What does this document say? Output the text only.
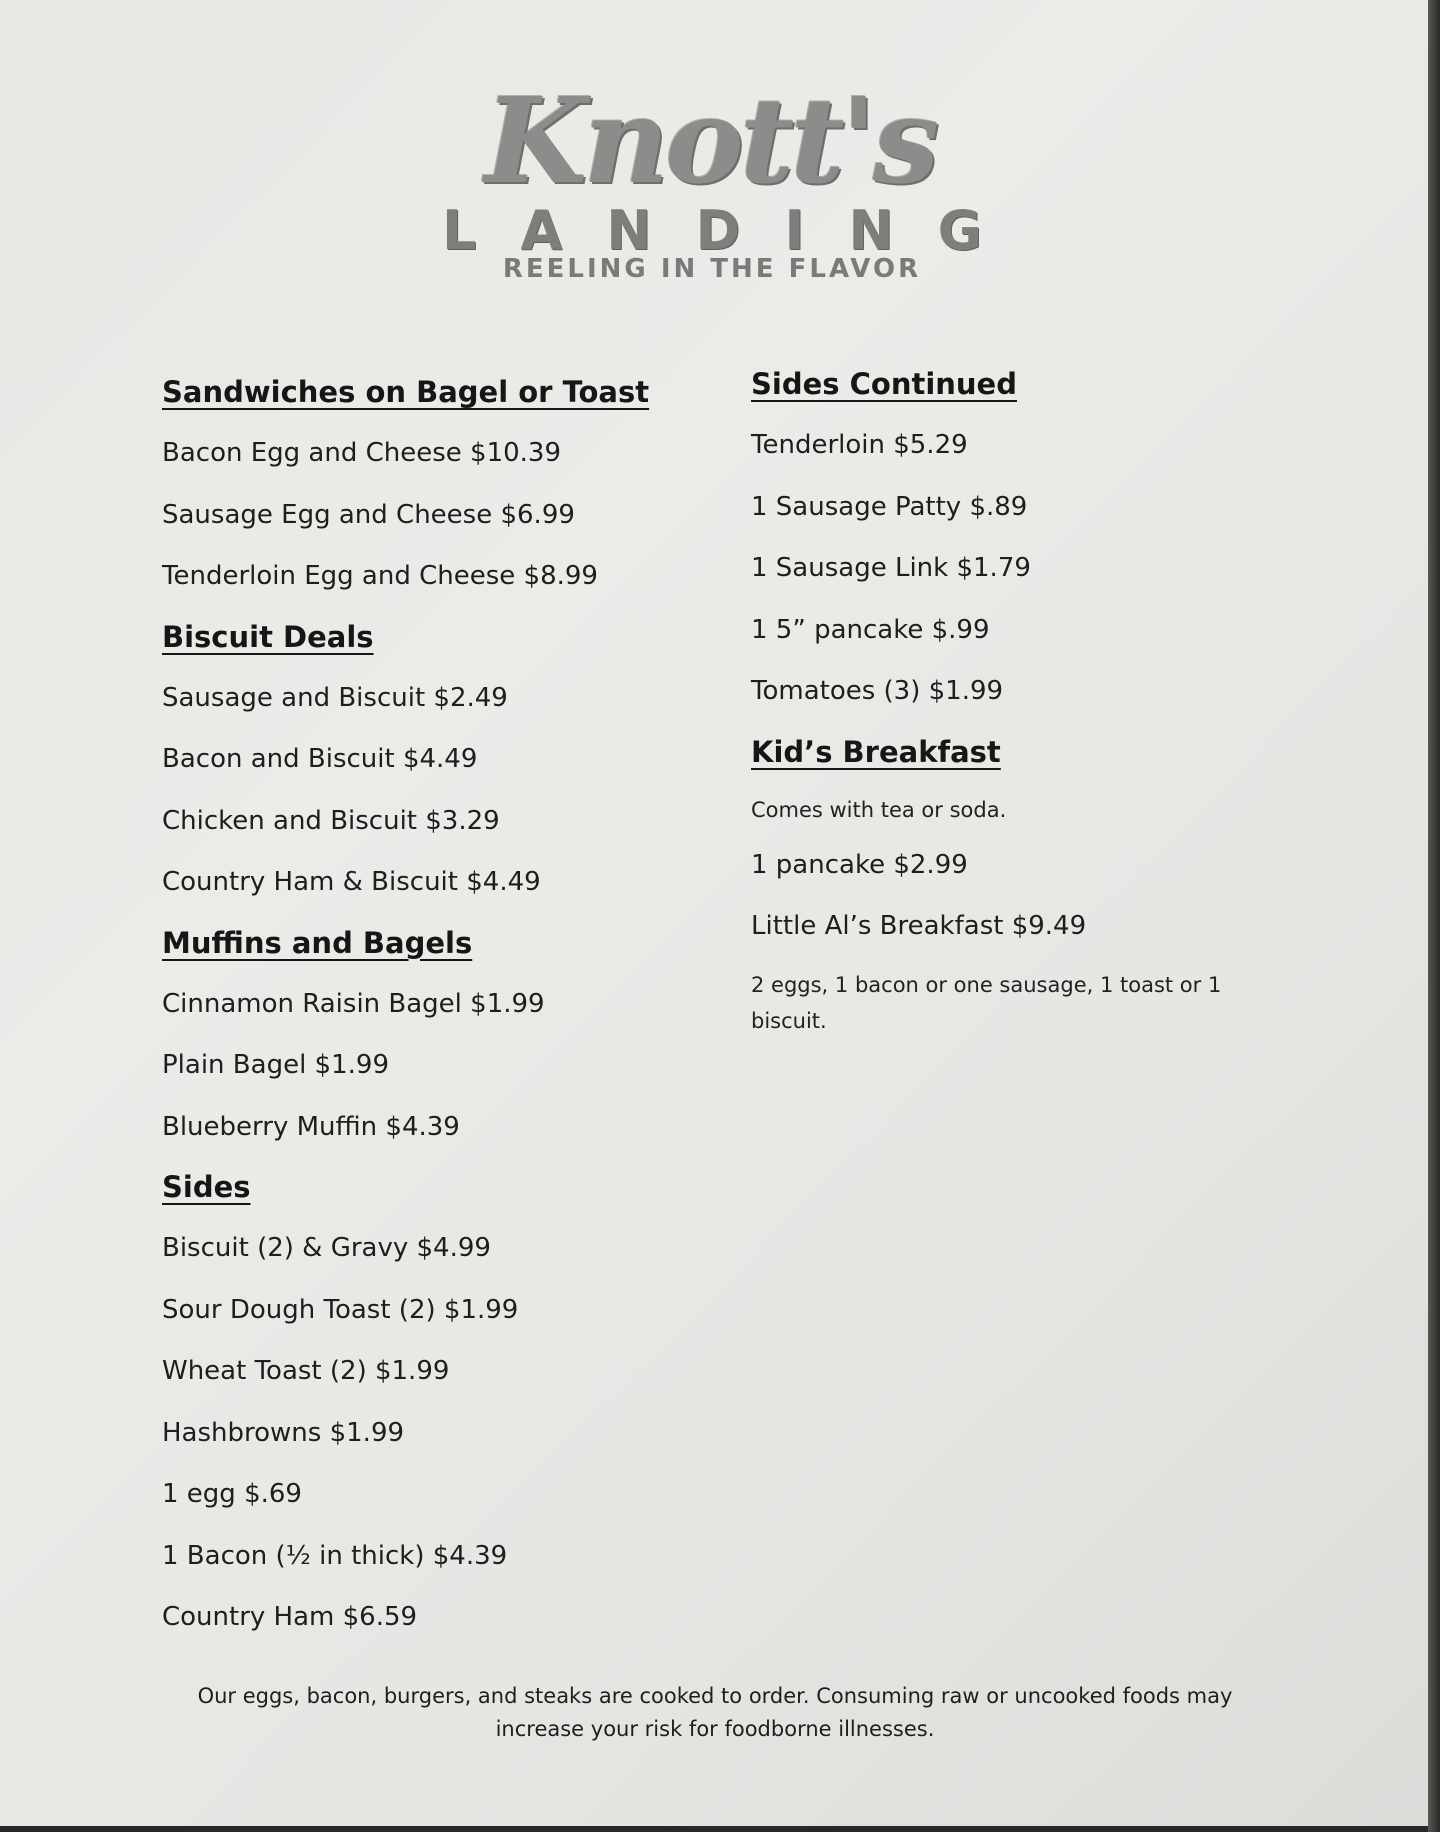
Knott's
L A N D I N G
REELING IN THE FLAVOR
Sandwiches on Bagel or Toast
Bacon Egg and Cheese $10.39
Sausage Egg and Cheese $6.99
Tenderloin Egg and Cheese $8.99
Biscuit Deals
Sausage and Biscuit $2.49
Bacon and Biscuit $4.49
Chicken and Biscuit $3.29
Country Ham & Biscuit $4.49
Muffins and Bagels
Cinnamon Raisin Bagel $1.99
Plain Bagel $1.99
Blueberry Muffin $4.39
Sides
Biscuit (2) & Gravy $4.99
Sour Dough Toast (2) $1.99
Wheat Toast (2) $1.99
Hashbrowns $1.99
1 egg $.69
1 Bacon (½ in thick) $4.39
Country Ham $6.59
Sides Continued
Tenderloin $5.29
1 Sausage Patty $.89
1 Sausage Link $1.79
1 5” pancake $.99
Tomatoes (3) $1.99
Kid’s Breakfast
Comes with tea or soda.
1 pancake $2.99
Little Al’s Breakfast $9.49
2 eggs, 1 bacon or one sausage, 1 toast or 1 biscuit.
Our eggs, bacon, burgers, and steaks are cooked to order. Consuming raw or uncooked foods may increase your risk for foodborne illnesses.
